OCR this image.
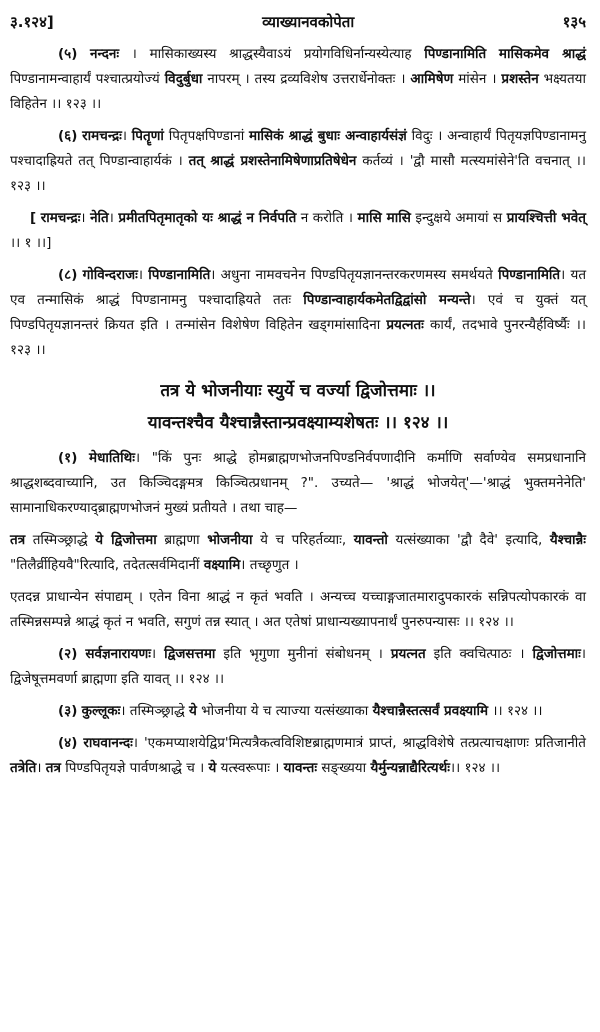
३.१२४]	व्याख्यानवकोपेता	१३५

(५) नन्दनः । मासिकाख्यस्य श्राद्धस्यैवाऽयं प्रयोगविधिर्नान्यस्येत्याह पिण्डानामिति मासिकमेव श्राद्धं पिण्डानामन्वाहार्यं पश्चात्प्रयोज्यं विदुर्बुधा नापरम् । तस्य द्रव्यविशेष उत्तरार्धेनोक्तः । आमिषेण मांसेन । प्रशस्तेन भक्ष्यतया विहितेन ।। १२३ ।।

(६) रामचन्द्रः। पितॄणां पितृपक्षपिण्डानां मासिकं श्राद्धं बुधाः अन्वाहार्यसंज्ञं विदुः । अन्वाहार्यं पितृयज्ञपिण्डानामनु पश्चादाह्रियते तत् पिण्डान्वाहार्यकं । तत् श्राद्धं प्रशस्तेनामिषेणाप्रतिषेधेन कर्तव्यं । 'द्वौ मासौ मत्स्यमांसेने'ति वचनात् ।। १२३ ।।

[ रामचन्द्रः। नेति। प्रमीतपितृमातृको यः श्राद्धं न निर्वपति न करोति । मासि मासि इन्दुक्षये अमायां स प्रायश्चित्ती भवेत् ।। १ ।।]

(८) गोविन्दराजः। पिण्डानामिति। अधुना नामवचनेन पिण्डपितृयज्ञानन्तरकरणमस्य समर्थयते पिण्डानामिति। यत एव तन्मासिकं श्राद्धं पिण्डानामनु पश्चादाह्रियते ततः पिण्डान्वाहार्यकमेतद्विद्वांसो मन्यन्ते। एवं च युक्तं यत् पिण्डपितृयज्ञानन्तरं क्रियत इति । तन्मांसेन विशेषेण विहितेन खड्गमांसादिना प्रयत्नतः कार्यं, तदभावे पुनरन्यैर्हविर्ष्यैः ।। १२३ ।।

तत्र ये भोजनीयाः स्युर्ये च वर्ज्या द्विजोत्तमाः ।।
यावन्तश्चैव यैश्चान्नैस्तान्प्रवक्ष्याम्यशेषतः ।। १२४ ।।

(१) मेधातिथिः। "किं पुनः श्राद्धे होमब्राह्मणभोजनपिण्डनिर्वपणादीनि कर्माणि सर्वाण्येव समप्रधानानि श्राद्धशब्दवाच्यानि, उत किञ्चिदङ्गमत्र किञ्चित्प्रधानम् ?". उच्यते— 'श्राद्धं भोजयेत्'—'श्राद्धं भुक्तमनेनेति' सामानाधिकरण्याद्ब्राह्मणभोजनं मुख्यं प्रतीयते । तथा चाह—

तत्र तस्मिञ्छ्राद्धे ये द्विजोत्तमा ब्राह्मणा भोजनीया ये च परिहर्तव्याः, यावन्तो यत्संख्याका 'द्वौ दैवे' इत्यादि, यैश्चान्नैः "तिलैर्व्रीहियवै"रित्यादि, तदेतत्सर्वमिदानीं वक्ष्यामि। तच्छृणुत ।

एतदन्न प्राधान्येन संपाद्यम् । एतेन विना श्राद्धं न कृतं भवति । अन्यच्च यच्चाङ्गजातमारादुपकारकं सन्निपत्योपकारकं वा तस्मिन्नसम्पन्ने श्राद्धं कृतं न भवति, सगुणं तन्न स्यात् । अत एतेषां प्राधान्यख्यापनार्थं पुनरुपन्यासः ।। १२४ ।।

(२) सर्वज्ञनारायणः। द्विजसत्तमा इति भृगुणा मुनीनां संबोधनम् । प्रयत्नत इति क्वचित्पाठः । द्विजोत्तमाः। द्विजेषूत्तमवर्णा ब्राह्मणा इति यावत् ।। १२४ ।।

(३) कुल्लूकः। तस्मिञ्छ्राद्धे ये भोजनीया ये च त्याज्या यत्संख्याका यैश्चान्नैस्तत्सर्वं प्रवक्ष्यामि ।। १२४ ।।

(४) राघवानन्दः। 'एकमप्याशयेद्विप्र'मित्यत्रैकत्वविशिष्टब्राह्मणमात्रं प्राप्तं, श्राद्धविशेषे तत्प्रत्याचक्षाणः प्रतिजानीते तत्रेति। तत्र पिण्डपितृयज्ञे पार्वणश्राद्धे च । ये यत्स्वरूपाः । यावन्तः सङ्ख्यया यैर्मुन्यन्नाद्यैरित्यर्थः।। १२४ ।।
